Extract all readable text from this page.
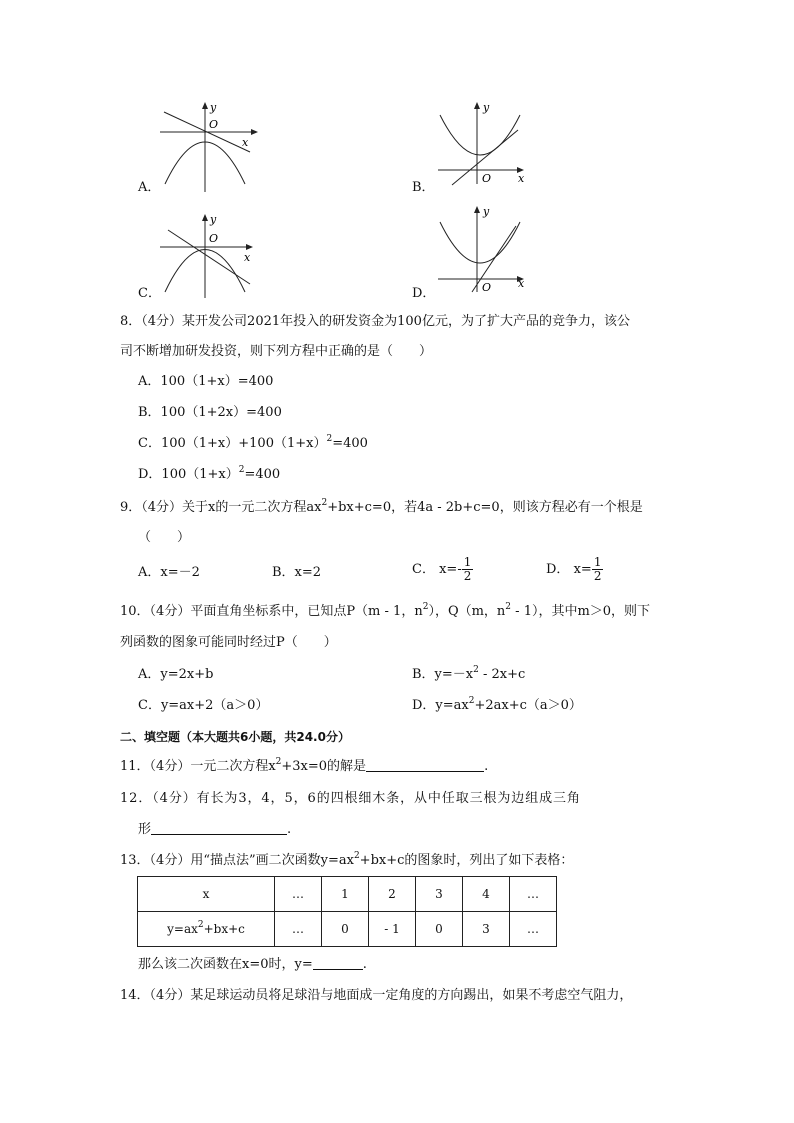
y
O
x
A．
y
O x
B．
y
O
x
C．
y
O x
D．
8．（4分）某开发公司2021年投入的研发资金为100亿元，为了扩大产品的竞争力，该公
司不断增加研发投资，则下列方程中正确的是（　　）
A．100（1+x）=400
B．100（1+2x）=400
C．$100(1+x)+100(1+x)^2=400$
D．$100(1+x)^2=400$
9．（4分）关于x的一元二次方程$ax^2+bx+c=0$，若4a - 2b+c=0，则该方程必有一个根是
（　　）
A．x=－2	B．x=2	C． $x=- \frac{1}{2}$	D． $x= \frac{1}{2}$
10．（4分）平面直角坐标系中，已知点P（m - 1，$n^2$），Q（m，$n^2 - 1$），其中m＞0，则下
列函数的图象可能同时经过P（　　）
A．y=2x+b	B．$y=-x^2 - 2x+c$
C．y=ax+2（a＞0）	D．$y=ax^2+2ax+c(a>0)$
二、填空题（本大题共6小题，共24.0分）
11．（4分）一元二次方程$x^2+3x=0$的解是	.
12．（4分）有长为3，4，5，6的四根细木条，从中任取三根为边组成三角
形	.
13．（4分）用“描点法”画二次函数$y=ax^2+bx+c$的图象时，列出了如下表格：
x	…	1	2	3	4	…
$y=ax^2+bx+c$	…	0	- 1	0	3	…
那么该二次函数在x=0时，y=	.
14．（4分）某足球运动员将足球沿与地面成一定角度的方向踢出，如果不考虑空气阻力，
